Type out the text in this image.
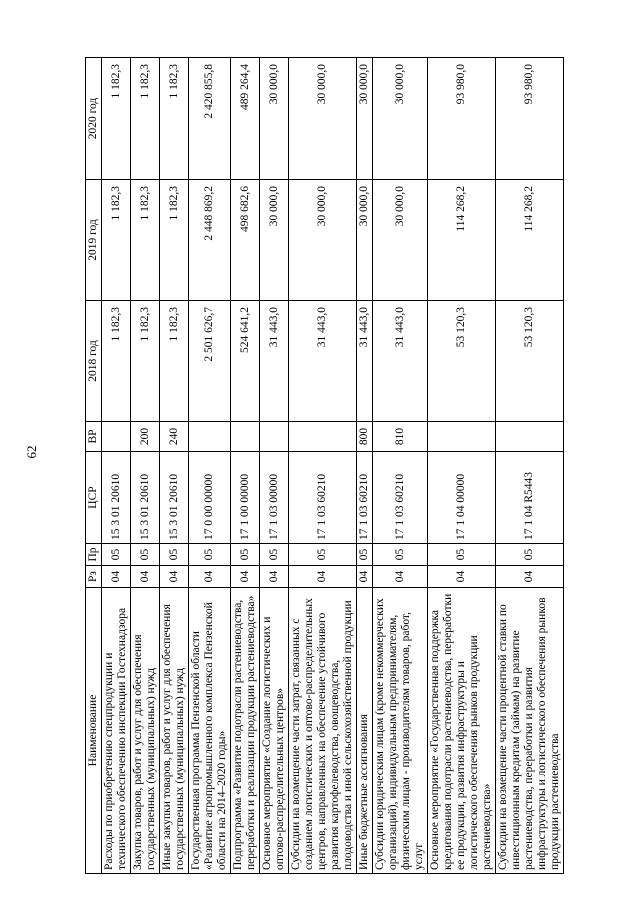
62
Наименование	Рз	Пр	ЦСР	ВР	2018 год	2019 год	2020 год
Расходы по приобретению спецпродукции и технического обеспечению инспекции Гостехнадзора	04	05	15 3 01 20610		1 182,3	1 182,3	1 182,3
Закупка товаров, работ и услуг для обеспечения государственных (муниципальных) нужд	04	05	15 3 01 20610	200	1 182,3	1 182,3	1 182,3
Иные закупки товаров, работ и услуг для обеспечения государственных (муниципальных) нужд	04	05	15 3 01 20610	240	1 182,3	1 182,3	1 182,3
Государственная программа Пензенской области «Развитие агропромышленного комплекса Пензенской области на 2014–2020 годы»	04	05	17 0 00 00000		2 501 626,7	2 448 869,2	2 420 855,8
Подпрограмма «Развитие подотрасли растениеводства, переработки и реализации продукции растениеводства»	04	05	17 1 00 00000		524 641,2	498 682,6	489 264,4
Основное мероприятие «Создание логистических и оптово-распределительных центров»	04	05	17 1 03 00000		31 443,0	30 000,0	30 000,0
Субсидии на возмещение части затрат, связанных с созданием логистических и оптово-распределительных центров, направленных на обеспечение устойчивого развития картофелеводства, овощеводства, плодоводства и иной сельскохозяйственной продукции	04	05	17 1 03 60210		31 443,0	30 000,0	30 000,0
Иные бюджетные ассигнования	04	05	17 1 03 60210	800	31 443,0	30 000,0	30 000,0
Субсидии юридическим лицам (кроме некоммерческих организаций), индивидуальным предпринимателям, физическим лицам - производителям товаров, работ, услуг	04	05	17 1 03 60210	810	31 443,0	30 000,0	30 000,0
Основное мероприятие «Государственная поддержка кредитования подотрасли растениеводства, переработки ее продукции, развития инфраструктуры и логистического обеспечения рынков продукции растениеводства»	04	05	17 1 04 00000		53 120,3	114 268,2	93 980,0
Субсидии на возмещение части процентной ставки по инвестиционным кредитам (займам) на развитие растениеводства, переработки и развития инфраструктуры и логистического обеспечения рынков продукции растениеводства	04	05	17 1 04 R5443		53 120,3	114 268,2	93 980,0
